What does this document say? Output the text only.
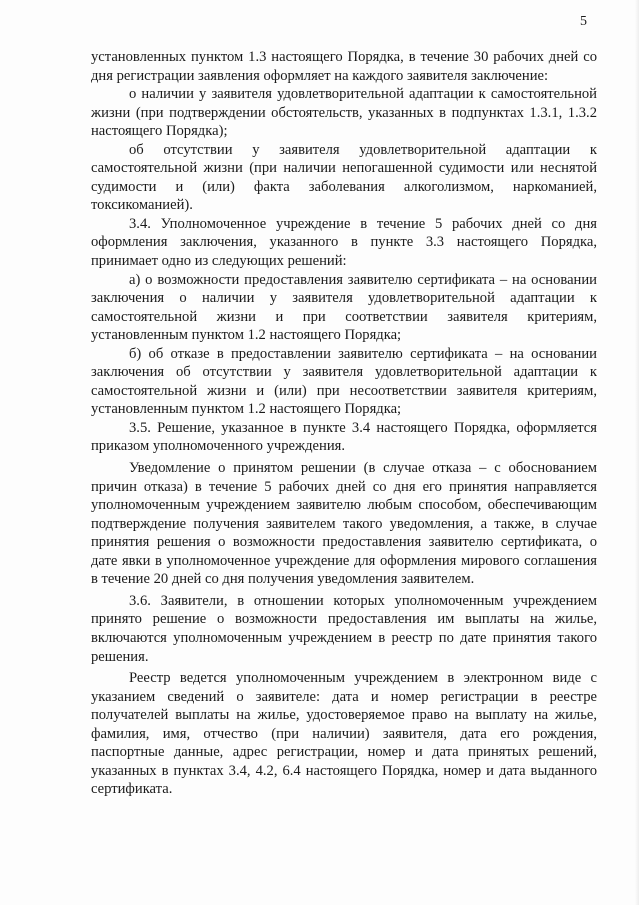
5

установленных пунктом 1.3 настоящего Порядка, в течение 30 рабочих дней со дня регистрации заявления оформляет на каждого заявителя заключение:

о наличии у заявителя удовлетворительной адаптации к самостоятельной жизни (при подтверждении обстоятельств, указанных в подпунктах 1.3.1, 1.3.2 настоящего Порядка);

об отсутствии у заявителя удовлетворительной адаптации к самостоятельной жизни (при наличии непогашенной судимости или неснятой судимости и (или) факта заболевания алкоголизмом, наркоманией, токсикоманией).

3.4. Уполномоченное учреждение в течение 5 рабочих дней со дня оформления заключения, указанного в пункте 3.3 настоящего Порядка, принимает одно из следующих решений:

а) о возможности предоставления заявителю сертификата – на основании заключения о наличии у заявителя удовлетворительной адаптации к самостоятельной жизни и при соответствии заявителя критериям, установленным пунктом 1.2 настоящего Порядка;

б) об отказе в предоставлении заявителю сертификата – на основании заключения об отсутствии у заявителя удовлетворительной адаптации к самостоятельной жизни и (или) при несоответствии заявителя критериям, установленным пунктом 1.2 настоящего Порядка;

3.5. Решение, указанное в пункте 3.4 настоящего Порядка, оформляется приказом уполномоченного учреждения.

Уведомление о принятом решении (в случае отказа – с обоснованием причин отказа) в течение 5 рабочих дней со дня его принятия направляется уполномоченным учреждением заявителю любым способом, обеспечивающим подтверждение получения заявителем такого уведомления, а также, в случае принятия решения о возможности предоставления заявителю сертификата, о дате явки в уполномоченное учреждение для оформления мирового соглашения в течение 20 дней со дня получения уведомления заявителем.

3.6. Заявители, в отношении которых уполномоченным учреждением принято решение о возможности предоставления им выплаты на жилье, включаются уполномоченным учреждением в реестр по дате принятия такого решения.

Реестр ведется уполномоченным учреждением в электронном виде с указанием сведений о заявителе: дата и номер регистрации в реестре получателей выплаты на жилье, удостоверяемое право на выплату на жилье, фамилия, имя, отчество (при наличии) заявителя, дата его рождения, паспортные данные, адрес регистрации, номер и дата принятых решений, указанных в пунктах 3.4, 4.2, 6.4 настоящего Порядка, номер и дата выданного сертификата.
